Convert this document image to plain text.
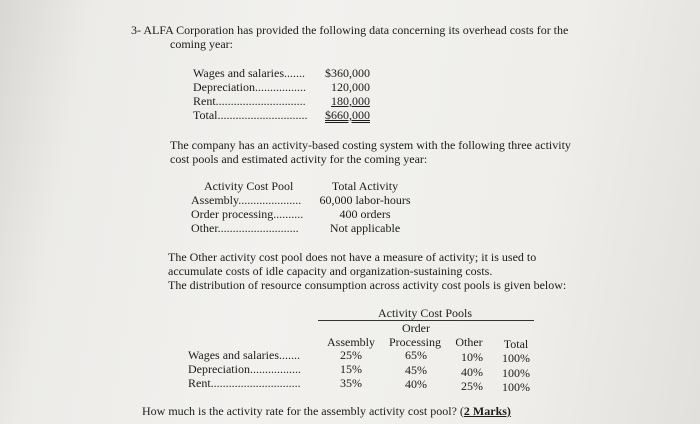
3- ALFA Corporation has provided the following data concerning its overhead costs for the
coming year:
Wages and salaries.......	$360,000
Depreciation.................	120,000
Rent..............................	180,000
Total..............................	$660,000
The company has an activity-based costing system with the following three activity
cost pools and estimated activity for the coming year:
Activity Cost Pool	Total Activity
Assembly..................... 60,000 labor-hours
Order processing..........	400 orders
Other...........................	Not applicable
The Other activity cost pool does not have a measure of activity; it is used to
accumulate costs of idle capacity and organization-sustaining costs.
The distribution of resource consumption across activity cost pools is given below:
Activity Cost Pools
Order
Assembly	Processing	Other	Total
Wages and salaries.......	25%	65%	10%	100%
Depreciation.................	15%	45%	40%	100%
Rent..............................	35%	40%	25%	100%
How much is the activity rate for the assembly activity cost pool? (2 Marks)
